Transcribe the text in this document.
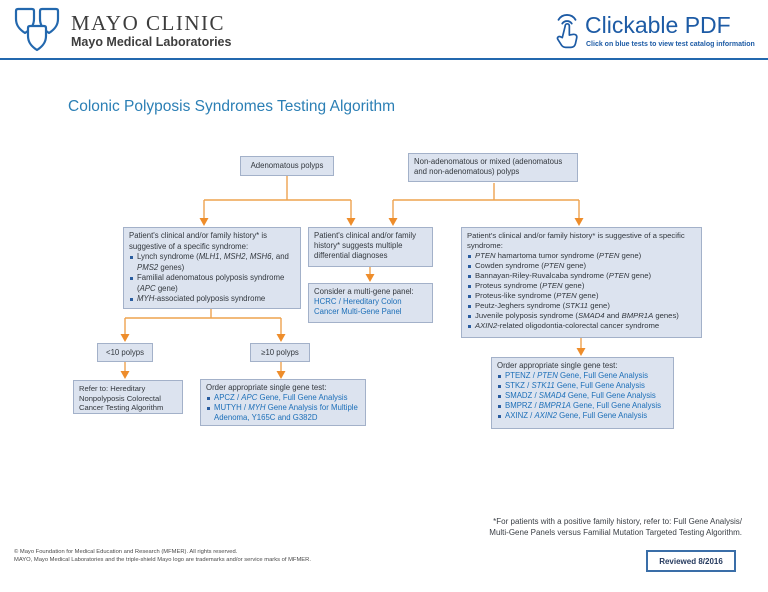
MAYO CLINIC
Mayo Medical Laboratories
Clickable PDF
Click on blue tests to view test catalog information
Colonic Polyposis Syndromes Testing Algorithm
Adenomatous polyps	Non-adenomatous or mixed (adenomatous and non-adenomatous) polyps
Patient's clinical and/or family history* is suggestive of a specific syndrome:
Lynch syndrome (MLH1, MSH2, MSH6, and PMS2 genes)
Familial adenomatous polyposis syndrome (APC gene)
MYH-associated polyposis syndrome
Patient's clinical and/or family history* suggests multiple differential diagnoses
Consider a multi-gene panel:
HCRC / Hereditary Colon Cancer Multi-Gene Panel
Patient's clinical and/or family history* is suggestive of a specific syndrome:
PTEN hamartoma tumor syndrome (PTEN gene)
Cowden syndrome (PTEN gene)
Bannayan-Riley-Ruvalcaba syndrome (PTEN gene)
Proteus syndrome (PTEN gene)
Proteus-like syndrome (PTEN gene)
Peutz-Jeghers syndrome (STK11 gene)
Juvenile polyposis syndrome (SMAD4 and BMPR1A genes)
AXIN2-related oligodontia-colorectal cancer syndrome
<10 polyps	≥10 polyps
Refer to: Hereditary Nonpolyposis Colorectal Cancer Testing Algorithm
Order appropriate single gene test:
APCZ / APC Gene, Full Gene Analysis
MUTYH / MYH Gene Analysis for Multiple Adenoma, Y165C and G382D
Order appropriate single gene test:
PTENZ / PTEN Gene, Full Gene Analysis
STKZ / STK11 Gene, Full Gene Analysis
SMADZ / SMAD4 Gene, Full Gene Analysis
BMPRZ / BMPR1A Gene, Full Gene Analysis
AXINZ / AXIN2 Gene, Full Gene Analysis
*For patients with a positive family history, refer to: Full Gene Analysis/
Multi-Gene Panels versus Familial Mutation Targeted Testing Algorithm.
© Mayo Foundation for Medical Education and Research (MFMER). All rights reserved.
MAYO, Mayo Medical Laboratories and the triple-shield Mayo logo are trademarks and/or service marks of MFMER.	Reviewed 8/2016
